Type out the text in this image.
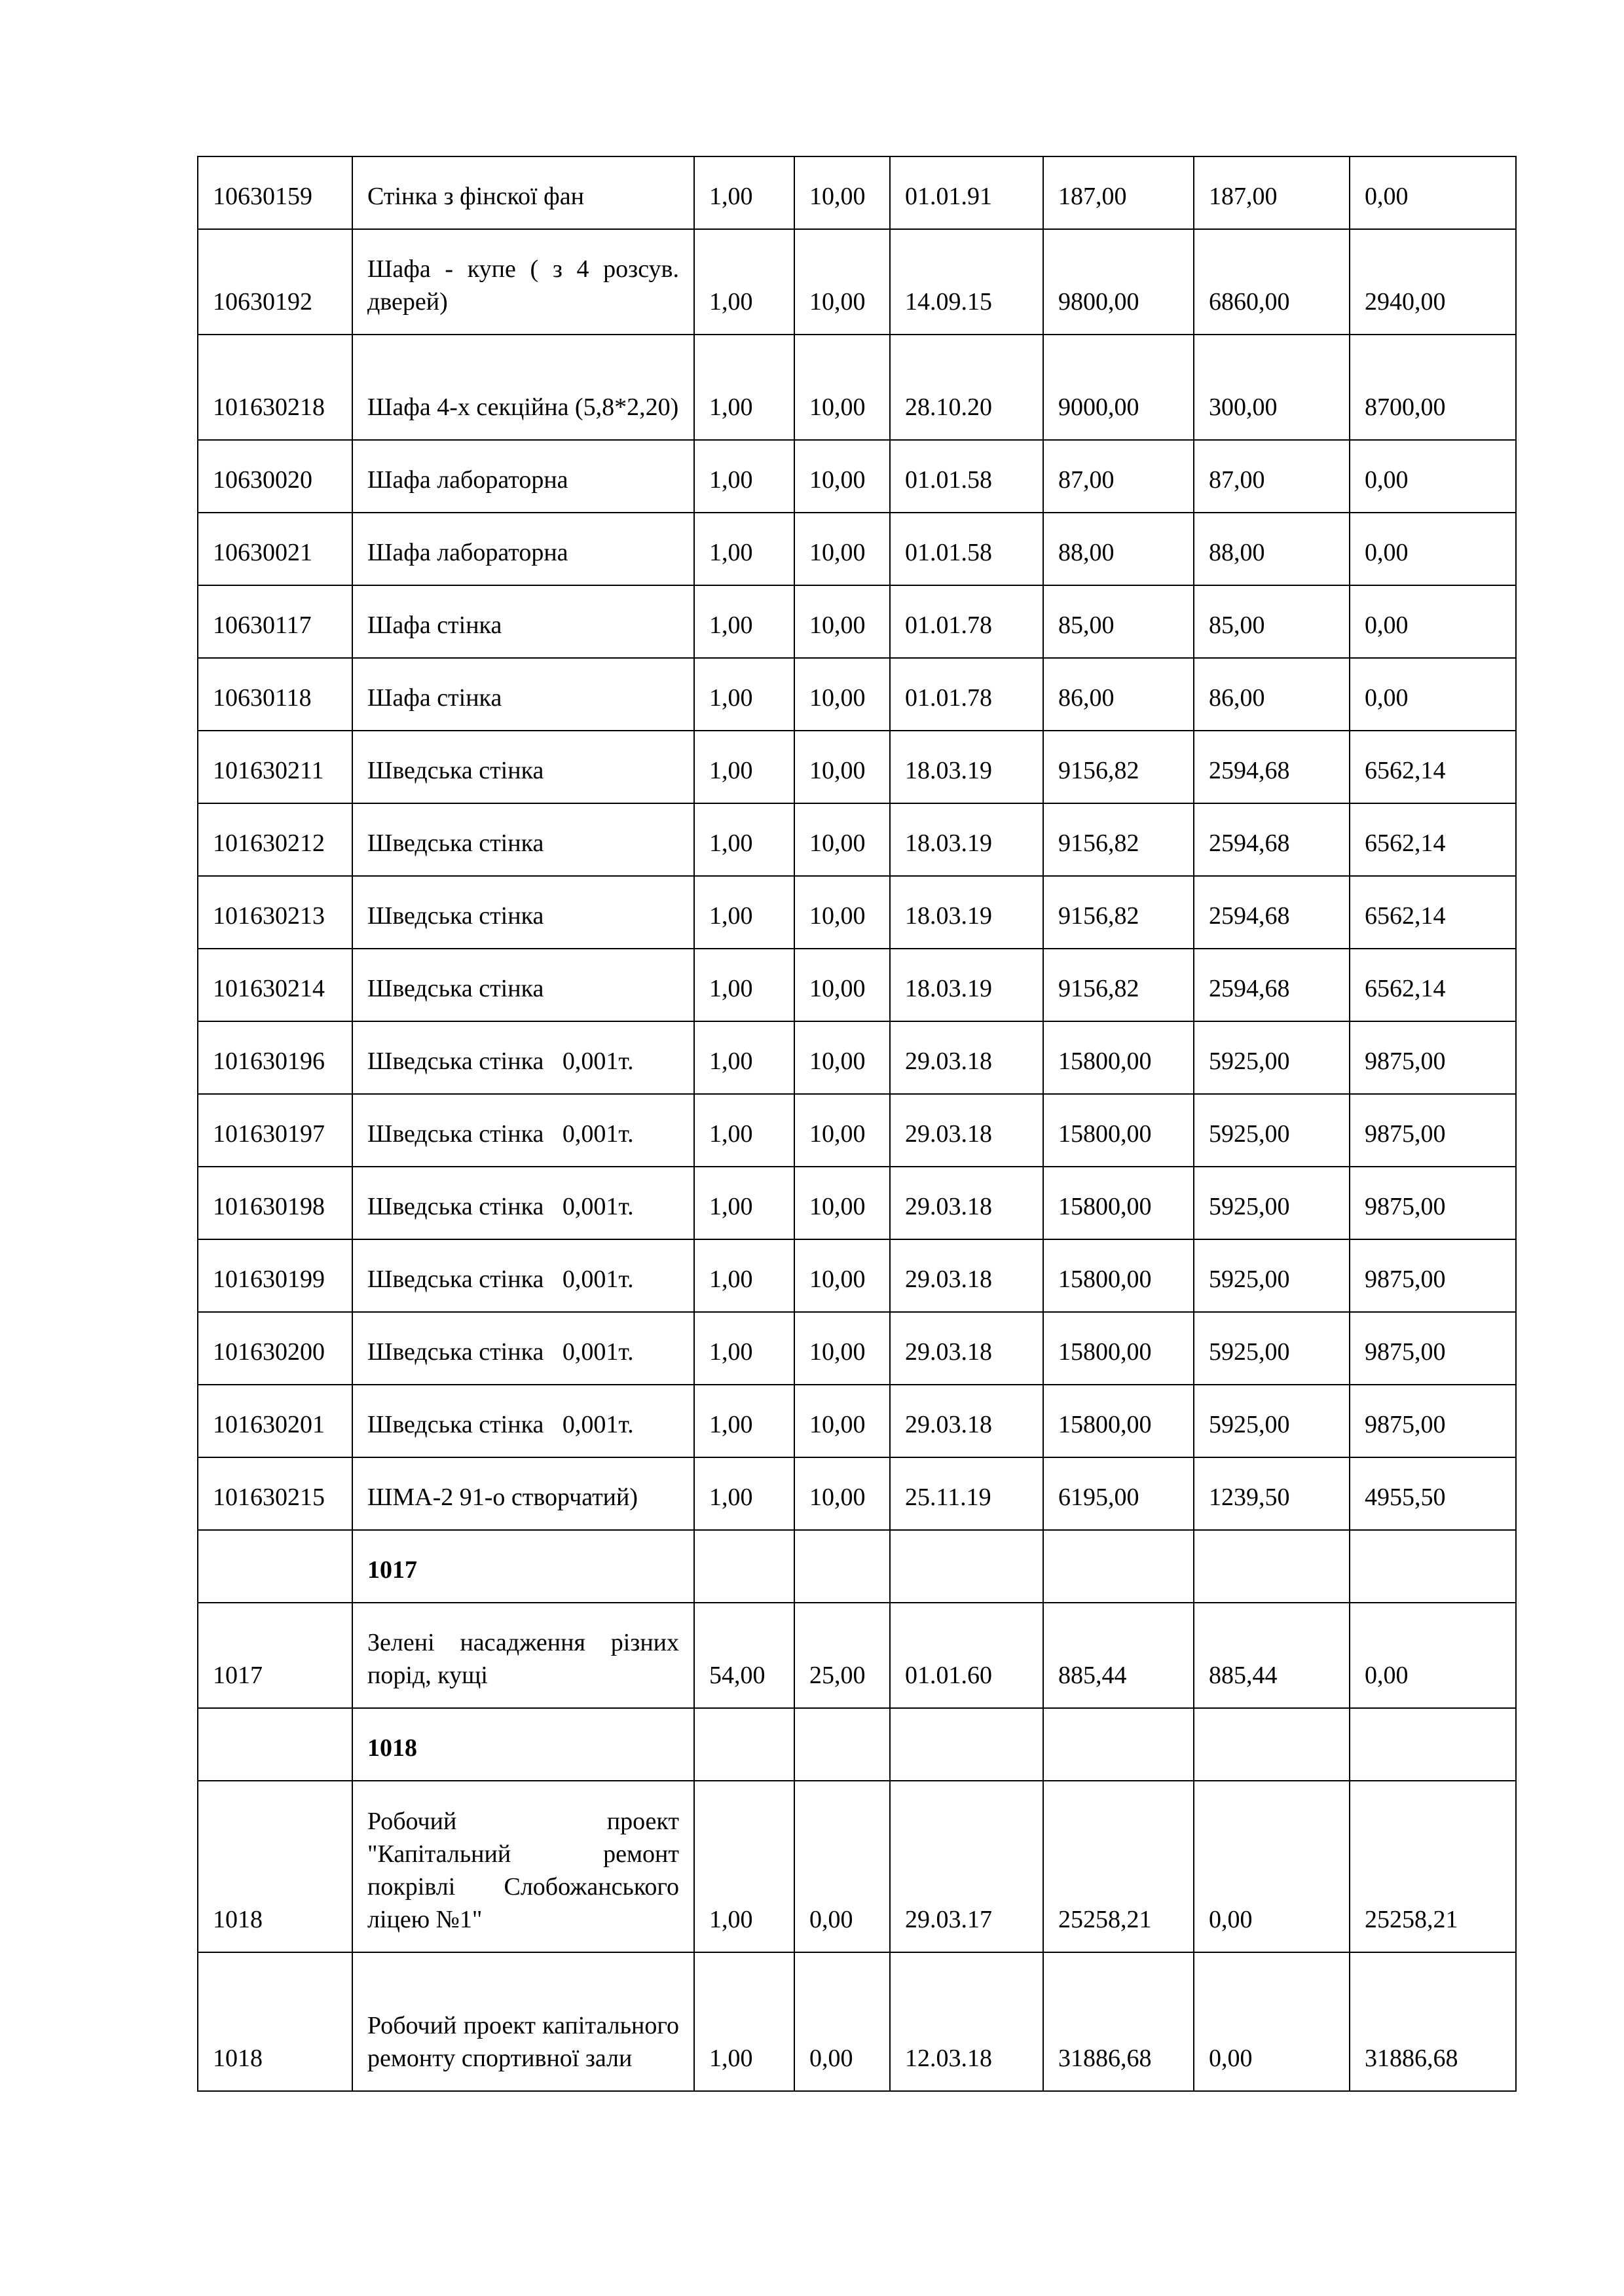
10630159	Стінка з фінскої фан	1,00	10,00	01.01.91	187,00	187,00	0,00
10630192	Шафа - купе ( з 4 розсув. дверей)	1,00	10,00	14.09.15	9800,00	6860,00	2940,00
101630218	Шафа 4-х секційна (5,8*2,20)	1,00	10,00	28.10.20	9000,00	300,00	8700,00
10630020	Шафа лабораторна	1,00	10,00	01.01.58	87,00	87,00	0,00
10630021	Шафа лабораторна	1,00	10,00	01.01.58	88,00	88,00	0,00
10630117	Шафа стінка	1,00	10,00	01.01.78	85,00	85,00	0,00
10630118	Шафа стінка	1,00	10,00	01.01.78	86,00	86,00	0,00
101630211	Шведська стінка	1,00	10,00	18.03.19	9156,82	2594,68	6562,14
101630212	Шведська стінка	1,00	10,00	18.03.19	9156,82	2594,68	6562,14
101630213	Шведська стінка	1,00	10,00	18.03.19	9156,82	2594,68	6562,14
101630214	Шведська стінка	1,00	10,00	18.03.19	9156,82	2594,68	6562,14
101630196	Шведська стінка   0,001т.	1,00	10,00	29.03.18	15800,00	5925,00	9875,00
101630197	Шведська стінка   0,001т.	1,00	10,00	29.03.18	15800,00	5925,00	9875,00
101630198	Шведська стінка   0,001т.	1,00	10,00	29.03.18	15800,00	5925,00	9875,00
101630199	Шведська стінка   0,001т.	1,00	10,00	29.03.18	15800,00	5925,00	9875,00
101630200	Шведська стінка   0,001т.	1,00	10,00	29.03.18	15800,00	5925,00	9875,00
101630201	Шведська стінка   0,001т.	1,00	10,00	29.03.18	15800,00	5925,00	9875,00
101630215	ШМА-2 91-о створчатий)	1,00	10,00	25.11.19	6195,00	1239,50	4955,50
	1017						
1017	Зелені насадження різних порід, кущі	54,00	25,00	01.01.60	885,44	885,44	0,00
	1018						
1018	Робочий проект "Капітальний ремонт покрівлі Слобожанського ліцею №1"	1,00	0,00	29.03.17	25258,21	0,00	25258,21
1018	Робочий проект капітального ремонту спортивної зали	1,00	0,00	12.03.18	31886,68	0,00	31886,68
